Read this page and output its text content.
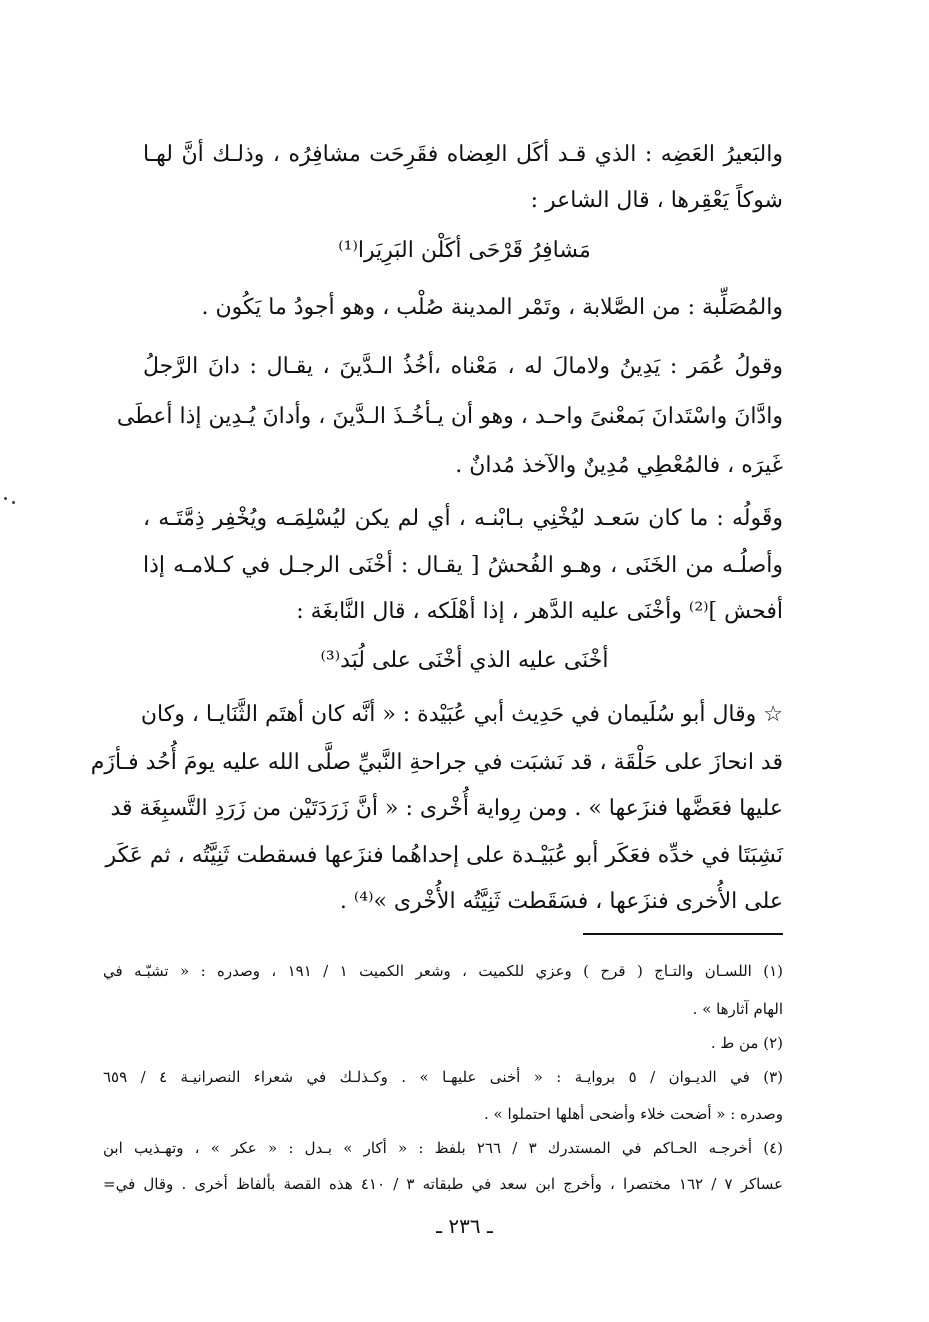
والبَعيرُ العَضِه : الذي قـد أكَل العِضاه فقَرِحَت مشافِرُه ، وذلـك أنَّ لهـا
شوكاً يَعْقِرها ، قال الشاعر :
مَشافِرُ قَرْحَى أكَلْن البَرِيَرا⁽¹⁾
والمُصَلِّبة : من الصَّلابة ، وتَمْر المدينة صُلْب ، وهو أجودُ ما يَكُون .
وقولُ عُمَر : يَدِينُ ولامالَ له ، مَعْناه ،أخُذُ الـدَّينَ ، يقـال : دانَ الرَّجلُ
وادَّانَ واسْتَدانَ بَمعْنىً واحـد ، وهو أن يـأخُـذَ الـدَّينَ ، وأدانَ يُـدِين إذا أعطَى
غَيرَه ، فالمُعْطِي مُدِينٌ والآخذ مُدانٌ .
وقَولُه : ما كان سَعـد ليُخْنِي بـابْنـه ، أي لم يكن ليُسْلِمَـه ويُخْفِر ذِمَّتَـه ،
وأصلُـه من الخَنَى ، وهـو الفُحشُ [ يقـال : أخْنَى الرجـل في كـلامـه إذا
أفحش ]⁽²⁾ وأخْنَى عليه الدَّهر ، إذا أهْلَكه ، قال النَّابغَة :
أخْنَى عليه الذي أخْنَى على لُبَد⁽³⁾
☆ وقال أبو سُلَيمان في حَدِيث أبي عُبَيْدة : « أنَّه كان أهتَم الثَّنَايـا ، وكان
قد انحازَ على حَلْقَة ، قد نَشبَت في جراحةِ النَّبيِّ صلَّى الله عليه يومَ أُحُد فـأزَم
عليها فعَضَّها فنزَعها » . ومن رِواية أُخْرى : « أنَّ زَرَدَتَيْن من زَرَدِ التَّسبِغَة قد
نَشِبَتَا في خدِّه فعَكَر أبو عُبَيْـدة على إحداهُما فنزَعها فسقطت ثَنِيَّتُه ، ثم عَكَر
على الأُخرى فنزَعها ، فسَقَطت ثَنِيَّتُه الأُخْرى »⁽⁴⁾ .
(١) اللسـان والتـاج ( قرح ) وعزي للكميت ، وشعر الكميت ١ / ١٩١ ، وصدره : « تشبّـه في
الهام آثارها » .
(٢) من ط .
(٣) في الديـوان / ٥ بروايـة : « أخنى عليهـا » . وكـذلـك في شعراء النصرانيـة ٤ / ٦٥٩
وصدره : « أضحت خلاء وأضحى أهلها احتملوا » .
(٤) أخرجـه الحـاكم في المستدرك ٣ / ٢٦٦ بلفظ : « أكار » بـدل : « عكر » ، وتهـذيب ابن
عساكر ٧ / ١٦٢ مختصرا ، وأخرج ابن سعد في طبقاته ٣ / ٤١٠ هذه القصة بألفاظ أخرى . وقال في=
ـ ٢٣٦ ـ
